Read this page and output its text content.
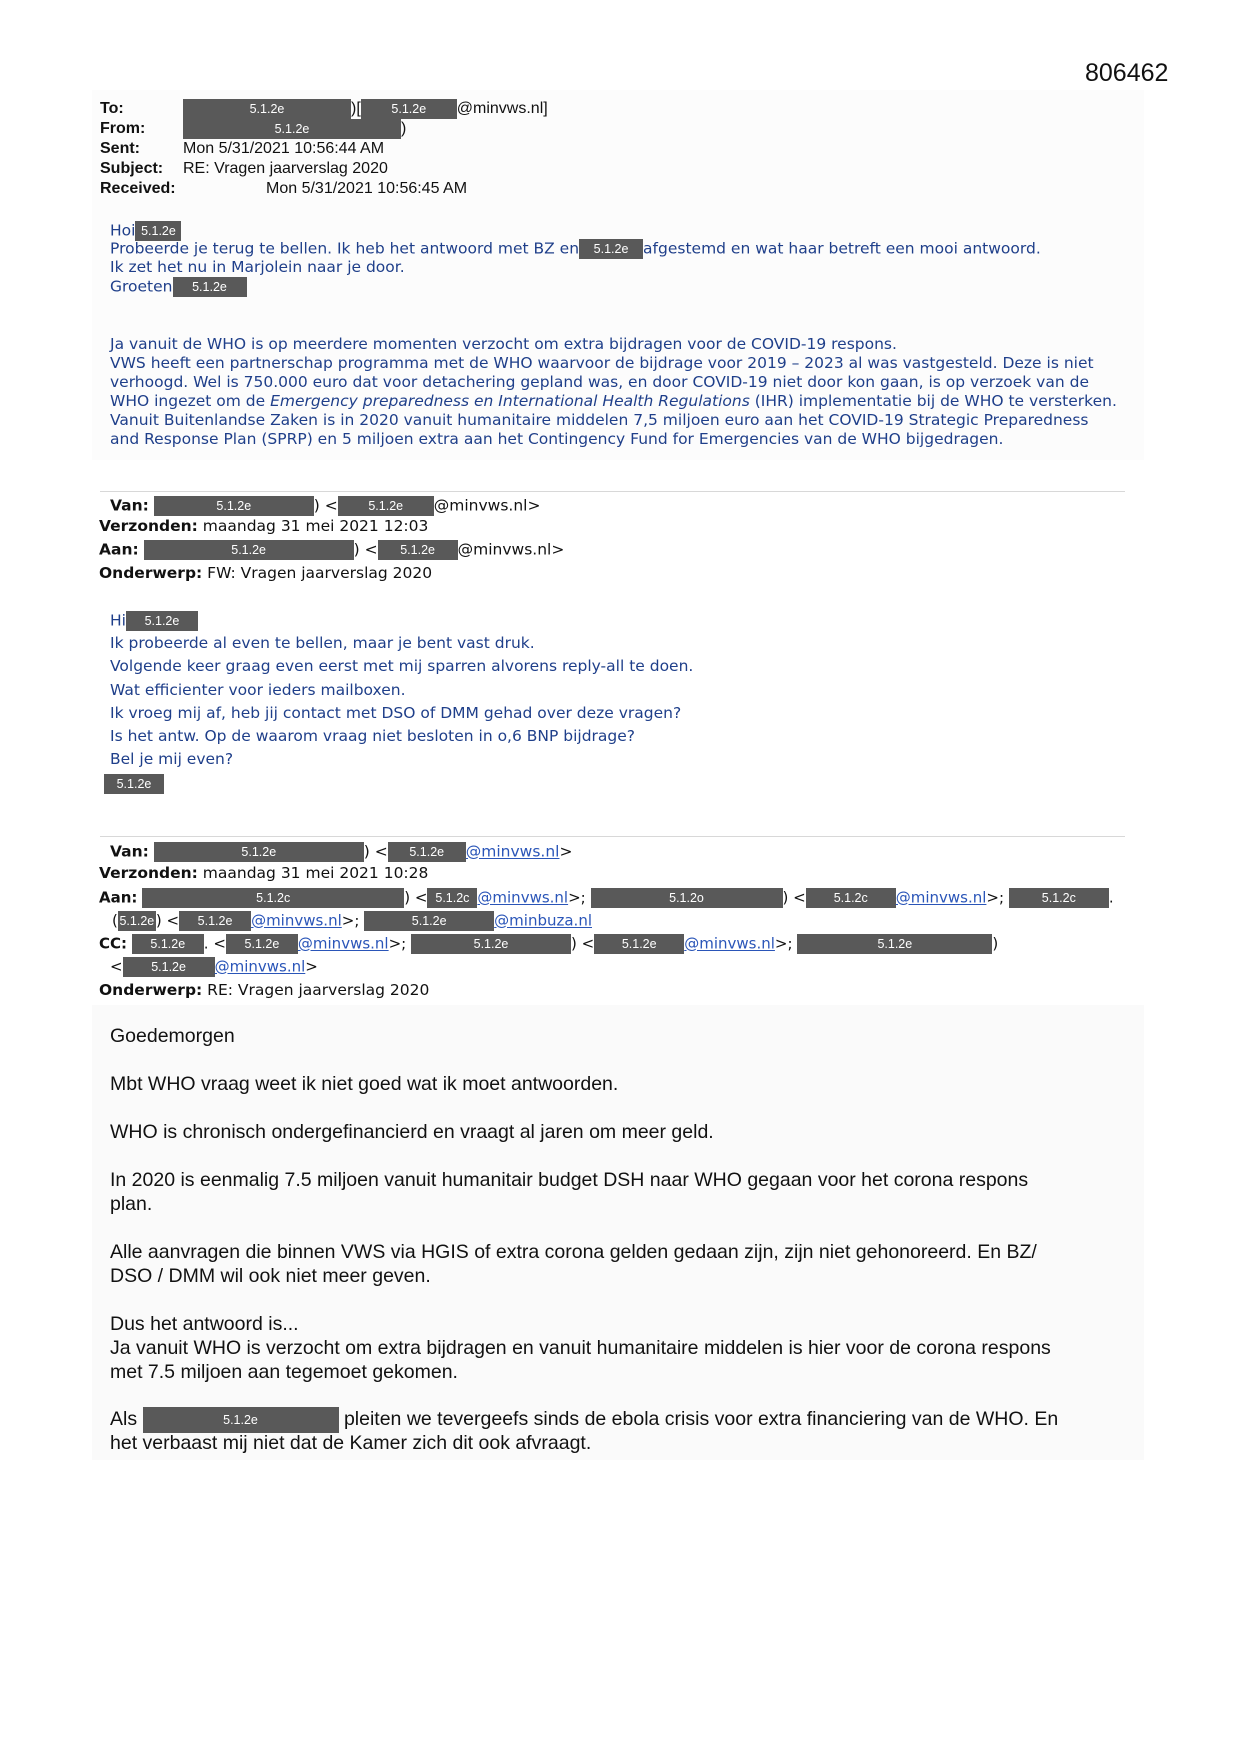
806462
To:	5.1.2e	)[ 5.1.2e @minvws.nl]
From:	5.1.2e	)
Sent:	Mon 5/31/2021 10:56:44 AM
Subject: RE: Vragen jaarverslag 2020
Received:	Mon 5/31/2021 10:56:45 AM
Hoi 5.1.2e
Probeerde je terug te bellen. Ik heb het antwoord met BZ en 5.1.2e afgestemd en wat haar betreft een mooi antwoord.
Ik zet het nu in Marjolein naar je door.
Groeten 5.1.2e
Ja vanuit de WHO is op meerdere momenten verzocht om extra bijdragen voor de COVID-19 respons.
VWS heeft een partnerschap programma met de WHO waarvoor de bijdrage voor 2019 – 2023 al was vastgesteld. Deze is niet
verhoogd. Wel is 750.000 euro dat voor detachering gepland was, en door COVID-19 niet door kon gaan, is op verzoek van de
WHO ingezet om de Emergency preparedness en International Health Regulations (IHR) implementatie bij de WHO te versterken.
Vanuit Buitenlandse Zaken is in 2020 vanuit humanitaire middelen 7,5 miljoen euro aan het COVID-19 Strategic Preparedness
and Response Plan (SPRP) en 5 miljoen extra aan het Contingency Fund for Emergencies van de WHO bijgedragen.
Van:	5.1.2e	) < 5.1.2e @minvws.nl>
Verzonden: maandag 31 mei 2021 12:03
Aan:	5.1.2e	) < 5.1.2e @minvws.nl>
Onderwerp: FW: Vragen jaarverslag 2020
Hi 5.1.2e
Ik probeerde al even te bellen, maar je bent vast druk.
Volgende keer graag even eerst met mij sparren alvorens reply-all te doen.
Wat efficienter voor ieders mailboxen.
Ik vroeg mij af, heb jij contact met DSO of DMM gehad over deze vragen?
Is het antw. Op de waarom vraag niet besloten in o,6 BNP bijdrage?
Bel je mij even?
5.1.2e
Van:	5.1.2e	) < 5.1.2e @minvws.nl>
Verzonden: maandag 31 mei 2021 10:28
Aan:	5.1.2c	) < 5.1.2c @minvws.nl>;	5.1.2o	) < 5.1.2c @minvws.nl>;	5.1.2c .
( 5.1.2e ) < 5.1.2e @minvws.nl>;	5.1.2e	@minbuza.nl
CC: 5.1.2e . < 5.1.2e @minvws.nl>;	5.1.2e	) < 5.1.2e @minvws.nl>;	5.1.2e	)
< 5.1.2e @minvws.nl>
Onderwerp: RE: Vragen jaarverslag 2020
Goedemorgen
Mbt WHO vraag weet ik niet goed wat ik moet antwoorden.
WHO is chronisch ondergefinancierd en vraagt al jaren om meer geld.
In 2020 is eenmalig 7.5 miljoen vanuit humanitair budget DSH naar WHO gegaan voor het corona respons
plan.
Alle aanvragen die binnen VWS via HGIS of extra corona gelden gedaan zijn, zijn niet gehonoreerd. En BZ/
DSO / DMM wil ook niet meer geven.
Dus het antwoord is...
Ja vanuit WHO is verzocht om extra bijdragen en vanuit humanitaire middelen is hier voor de corona respons
met 7.5 miljoen aan tegemoet gekomen.
Als	5.1.2e	pleiten we tevergeefs sinds de ebola crisis voor extra financiering van de WHO. En
het verbaast mij niet dat de Kamer zich dit ook afvraagt.
